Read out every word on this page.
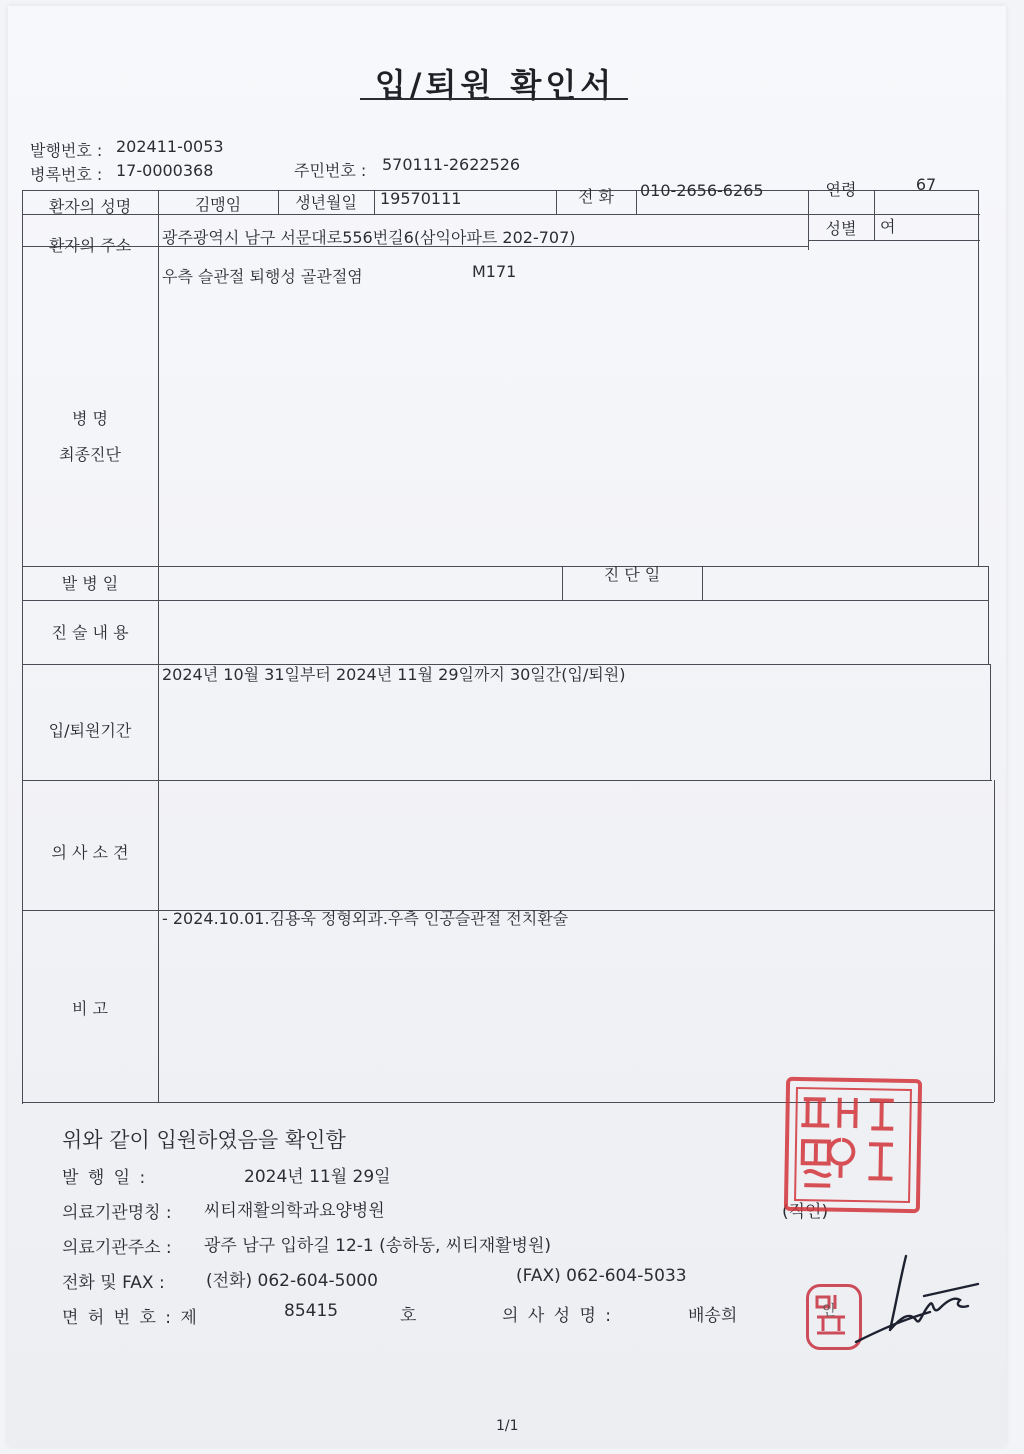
입/퇴원 확인서
발행번호 : 202411-0053
병록번호 : 17-0000368	주민번호 : 570111-2622526
환자의 성명	김맹임	생년월일	19570111	전 화	010-2656-6265	연령	67
환자의 주소	광주광역시 남구 서문대로556번길6(삼익아파트 202-707)	성별	여
병 명
최종진단
우측 슬관절 퇴행성 골관절염	M171
발 병 일	진 단 일
진 술 내 용
입/퇴원기간
2024년 10월 31일부터 2024년 11월 29일까지 30일간(입/퇴원)
의 사 소 견
비 고
- 2024.10.01.김용욱 정형외과.우측 인공슬관절 전치환술
위와 같이 입원하였음을 확인함
발 행 일 :	2024년 11월 29일
의료기관명칭 : 씨티재활의학과요양병원	(직인)
의료기관주소 : 광주 남구 입하길 12-1 (송하동, 씨티재활병원)
전화 및 FAX : (전화) 062-604-5000	(FAX) 062-604-5033
면 허 번 호 : 제	85415	호	의 사 성 명 :	배송희	인
1/1
